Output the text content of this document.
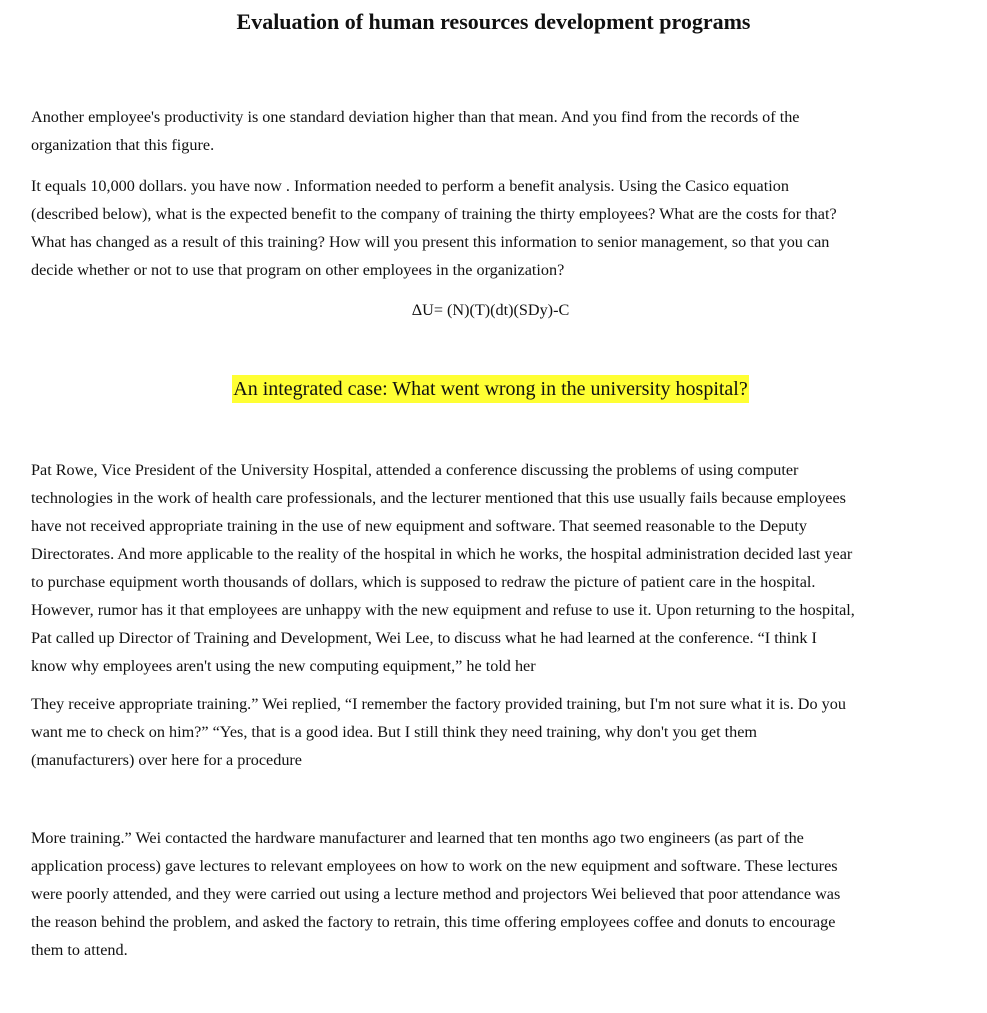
Evaluation of human resources development programs

Another employee's productivity is one standard deviation higher than that mean. And you find from the records of the
organization that this figure.

It equals 10,000 dollars. you have now . Information needed to perform a benefit analysis. Using the Casico equation
(described below), what is the expected benefit to the company of training the thirty employees? What are the costs for that?
What has changed as a result of this training? How will you present this information to senior management, so that you can
decide whether or not to use that program on other employees in the organization?

ΔU= (N)(T)(dt)(SDy)-C

An integrated case: What went wrong in the university hospital?

Pat Rowe, Vice President of the University Hospital, attended a conference discussing the problems of using computer
technologies in the work of health care professionals, and the lecturer mentioned that this use usually fails because employees
have not received appropriate training in the use of new equipment and software. That seemed reasonable to the Deputy
Directorates. And more applicable to the reality of the hospital in which he works, the hospital administration decided last year
to purchase equipment worth thousands of dollars, which is supposed to redraw the picture of patient care in the hospital.
However, rumor has it that employees are unhappy with the new equipment and refuse to use it. Upon returning to the hospital,
Pat called up Director of Training and Development, Wei Lee, to discuss what he had learned at the conference. “I think I
know why employees aren't using the new computing equipment,” he told her

They receive appropriate training.” Wei replied, “I remember the factory provided training, but I'm not sure what it is. Do you
want me to check on him?” “Yes, that is a good idea. But I still think they need training, why don't you get them
(manufacturers) over here for a procedure

More training.” Wei contacted the hardware manufacturer and learned that ten months ago two engineers (as part of the
application process) gave lectures to relevant employees on how to work on the new equipment and software. These lectures
were poorly attended, and they were carried out using a lecture method and projectors Wei believed that poor attendance was
the reason behind the problem, and asked the factory to retrain, this time offering employees coffee and donuts to encourage
them to attend.
